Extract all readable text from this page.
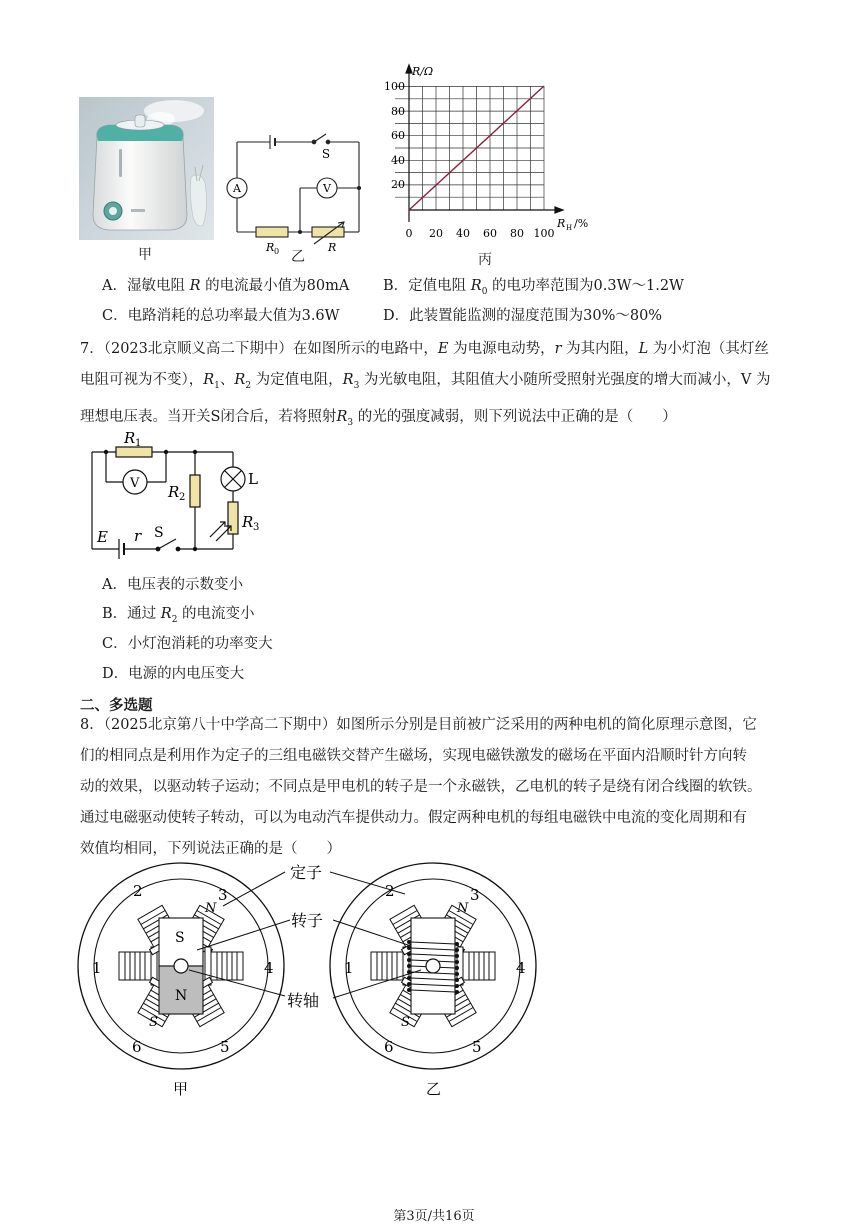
甲
A	V
S
R 0	R
乙
R/Ω
R H /%
100
80
60
40
20
0 20 40 60 80 100
丙
A．湿敏电阻 R 的电流最小值为80mA B．定值电阻 $R_0$ 的电功率范围为0.3W～1.2W
C．电路消耗的总功率最大值为3.6W	D．此装置能监测的湿度范围为30%～80%
7．（2023北京顺义高二下期中）在如图所示的电路中，E 为电源电动势，r 为其内阻，L 为小灯泡（其灯丝
电阻可视为不变），$R_1$、$R_2$ 为定值电阻，$R_3$ 为光敏电阻，其阻值大小随所受照射光强度的增大而减小，V 为
理想电压表。当开关S闭合后，若将照射$R_3$ 的光的强度减弱，则下列说法中正确的是（　　）
R 1
V R 2
L
R 3
E r S
A．电压表的示数变小
B．通过 $R_2$ 的电流变小
C．小灯泡消耗的功率变大
D．电源的内电压变大
二、多选题
8．（2025北京第八十中学高二下期中）如图所示分别是目前被广泛采用的两种电机的简化原理示意图，它
们的相同点是利用作为定子的三组电磁铁交替产生磁场，实现电磁铁激发的磁场在平面内沿顺时针方向转
动的效果，以驱动转子运动；不同点是甲电机的转子是一个永磁铁，乙电机的转子是绕有闭合线圈的软铁。
通过电磁驱动使转子转动，可以为电动汽车提供动力。假定两种电机的每组电磁铁中电流的变化周期和有
效值均相同，下列说法正确的是（　　）
定子
转子
转轴
S
N
N
S
N
S
1
2	3
4
5
6
1
2	3
4
5
6
甲	乙
第3页/共16页
